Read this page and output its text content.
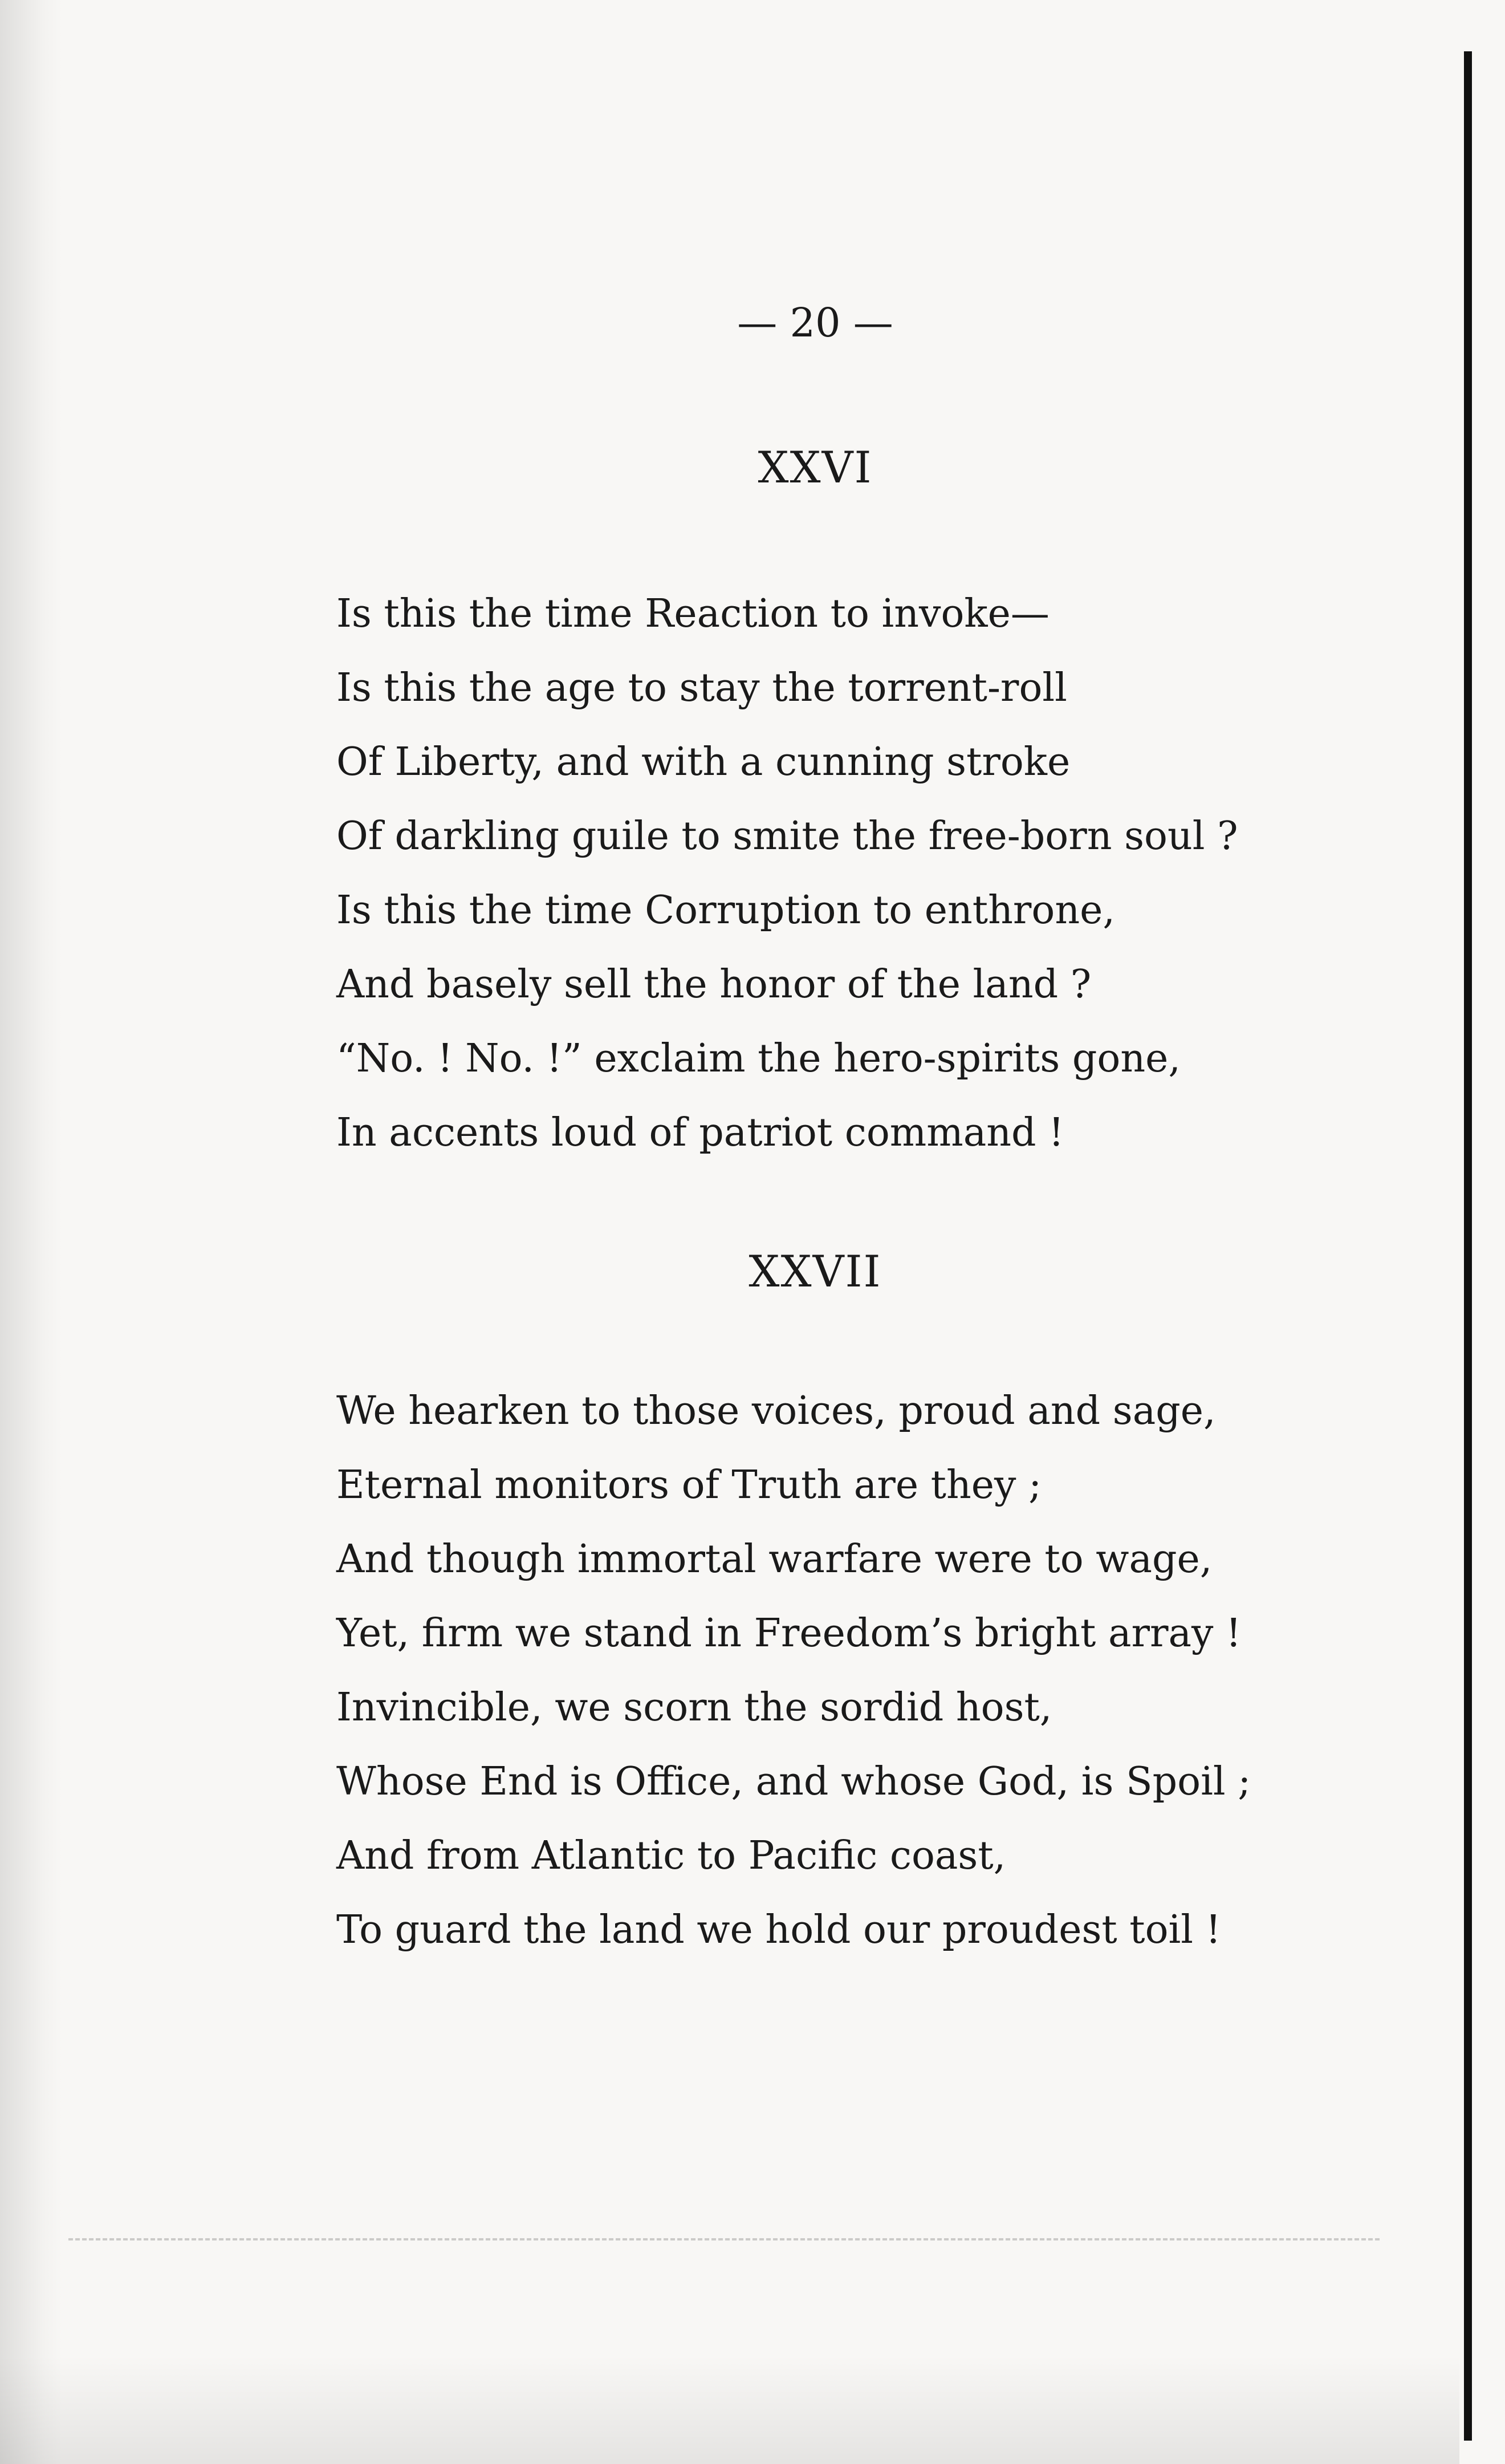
— 20 —
XXVI
Is this the time Reaction to invoke—
Is this the age to stay the torrent-roll
Of Liberty, and with a cunning stroke
Of darkling guile to smite the free-born soul ?
Is this the time Corruption to enthrone,
And basely sell the honor of the land ?
“No. ! No. !” exclaim the hero-spirits gone,
In accents loud of patriot command !
XXVII
We hearken to those voices, proud and sage,
Eternal monitors of Truth are they ;
And though immortal warfare were to wage,
Yet, firm we stand in Freedom’s bright array !
Invincible, we scorn the sordid host,
Whose End is Office, and whose God, is Spoil ;
And from Atlantic to Pacific coast,
To guard the land we hold our proudest toil !
